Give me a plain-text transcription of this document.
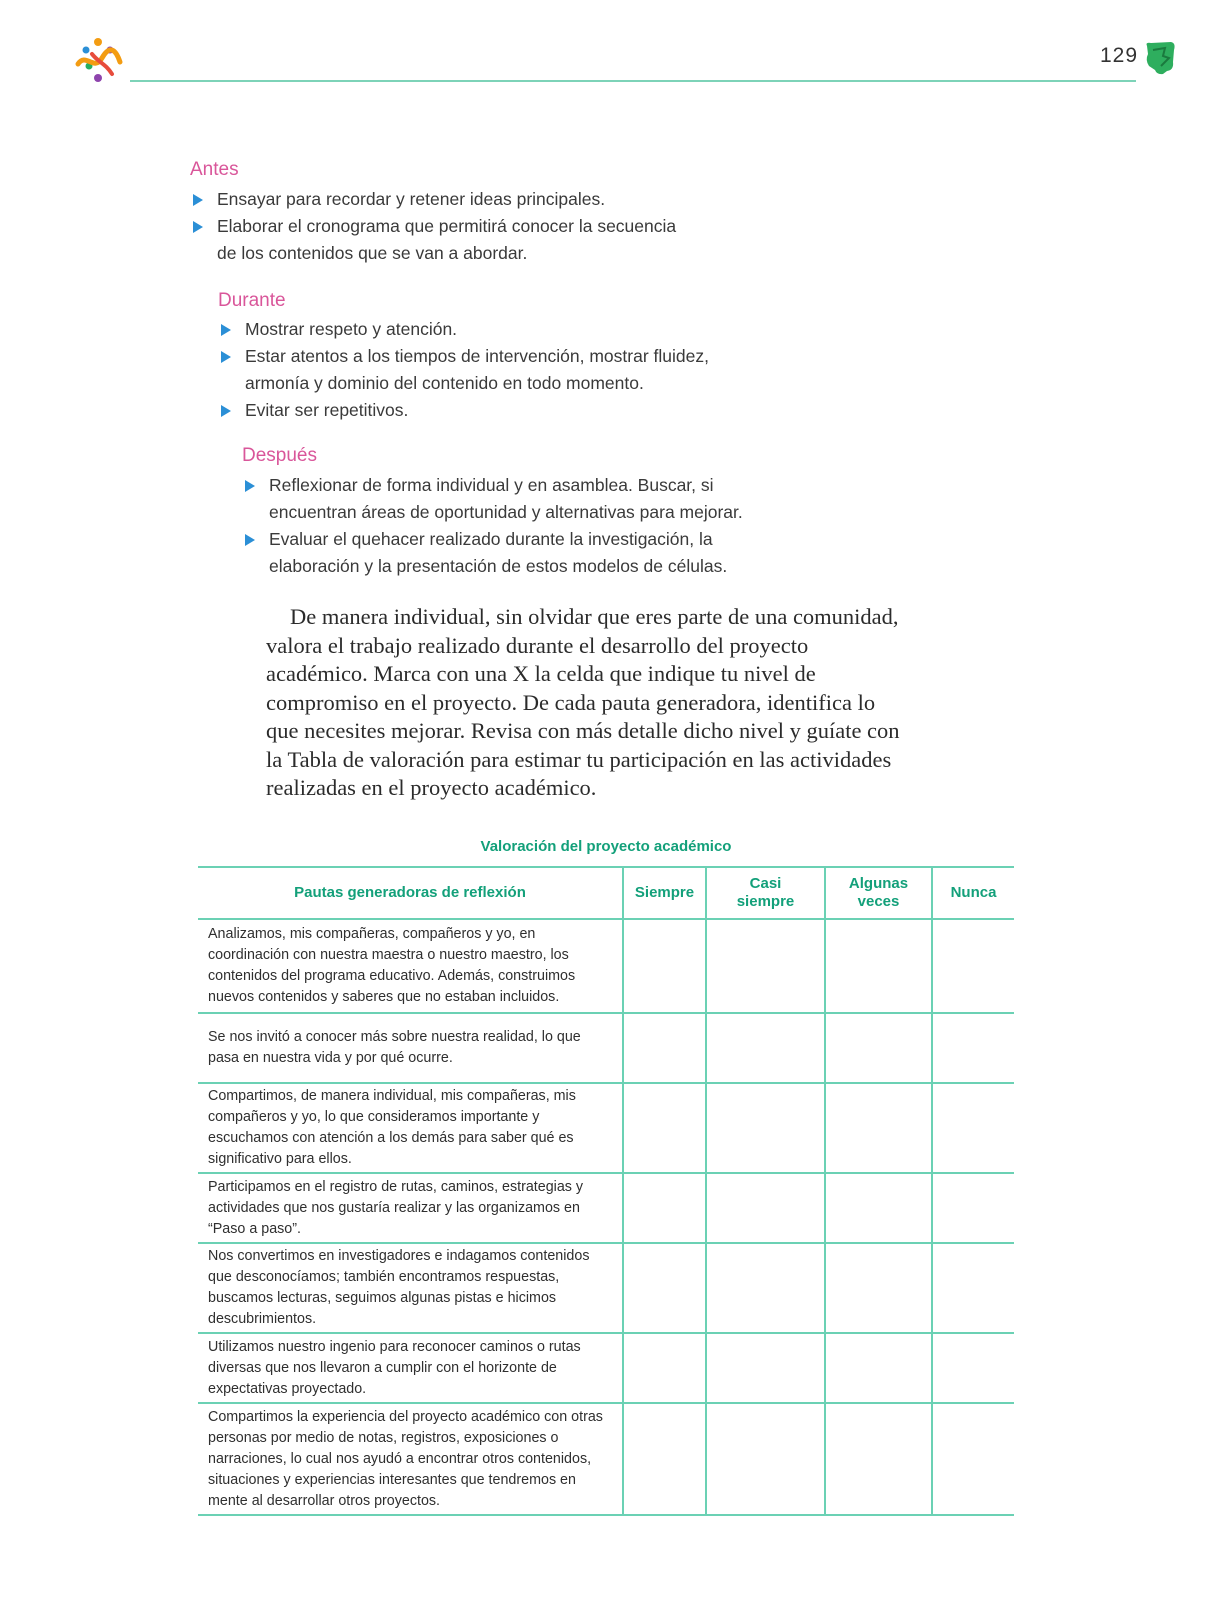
129
Antes
Ensayar para recordar y retener ideas principales.
Elaborar el cronograma que permitirá conocer la secuencia de los contenidos que se van a abordar.
Durante
Mostrar respeto y atención.
Estar atentos a los tiempos de intervención, mostrar fluidez, armonía y dominio del contenido en todo momento.
Evitar ser repetitivos.
Después
Reflexionar de forma individual y en asamblea. Buscar, si encuentran áreas de oportunidad y alternativas para mejorar.
Evaluar el quehacer realizado durante la investigación, la elaboración y la presentación de estos modelos de células.

De manera individual, sin olvidar que eres parte de una comunidad, valora el trabajo realizado durante el desarrollo del proyecto académico. Marca con una X la celda que indique tu nivel de compromiso en el proyecto. De cada pauta generadora, identifica lo que necesites mejorar. Revisa con más detalle dicho nivel y guíate con la Tabla de valoración para estimar tu participación en las actividades realizadas en el proyecto académico.

Valoración del proyecto académico
Pautas generadoras de reflexión	Siempre	Casi siempre	Algunas veces	Nunca
Analizamos, mis compañeras, compañeros y yo, en coordinación con nuestra maestra o nuestro maestro, los contenidos del programa educativo. Además, construimos nuevos contenidos y saberes que no estaban incluidos.				
Se nos invitó a conocer más sobre nuestra realidad, lo que pasa en nuestra vida y por qué ocurre.				
Compartimos, de manera individual, mis compañeras, mis compañeros y yo, lo que consideramos importante y escuchamos con atención a los demás para saber qué es significativo para ellos.				
Participamos en el registro de rutas, caminos, estrategias y actividades que nos gustaría realizar y las organizamos en “Paso a paso”.				
Nos convertimos en investigadores e indagamos contenidos que desconocíamos; también encontramos respuestas, buscamos lecturas, seguimos algunas pistas e hicimos descubrimientos.				
Utilizamos nuestro ingenio para reconocer caminos o rutas diversas que nos llevaron a cumplir con el horizonte de expectativas proyectado.				
Compartimos la experiencia del proyecto académico con otras personas por medio de notas, registros, exposiciones o narraciones, lo cual nos ayudó a encontrar otros contenidos, situaciones y experiencias interesantes que tendremos en mente al desarrollar otros proyectos.				
